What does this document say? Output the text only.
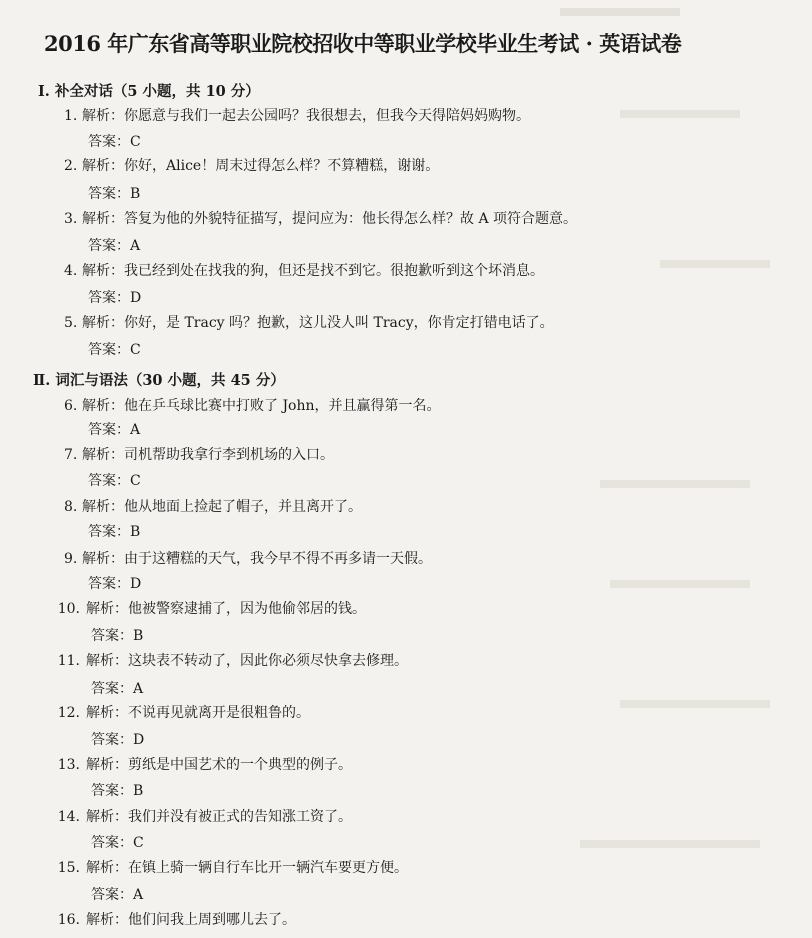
2016 年广东省高等职业院校招收中等职业学校毕业生考试 · 英语试卷
Ⅰ. 补全对话（5 小题，共 10 分）
Ⅱ. 词汇与语法（30 小题，共 45 分）
1. 解析：你愿意与我们一起去公园吗？我很想去，但我今天得陪妈妈购物。
答案：C
2. 解析：你好，Alice！周末过得怎么样？不算糟糕，谢谢。
答案：B
3. 解析：答复为他的外貌特征描写，提问应为：他长得怎么样？故 A 项符合题意。
答案：A
4. 解析：我已经到处在找我的狗，但还是找不到它。很抱歉听到这个坏消息。
答案：D
5. 解析：你好，是 Tracy 吗？抱歉，这儿没人叫 Tracy，你肯定打错电话了。
答案：C
6. 解析：他在乒乓球比赛中打败了 John，并且赢得第一名。
答案：A
7. 解析：司机帮助我拿行李到机场的入口。
答案：C
8. 解析：他从地面上捡起了帽子，并且离开了。
答案：B
9. 解析：由于这糟糕的天气，我今早不得不再多请一天假。
答案：D
10. 解析：他被警察逮捕了，因为他偷邻居的钱。
答案：B
11. 解析：这块表不转动了，因此你必须尽快拿去修理。
答案：A
12. 解析：不说再见就离开是很粗鲁的。
答案：D
13. 解析：剪纸是中国艺术的一个典型的例子。
答案：B
14. 解析：我们并没有被正式的告知涨工资了。
答案：C
15. 解析：在镇上骑一辆自行车比开一辆汽车要更方便。
答案：A
16. 解析：他们问我上周到哪儿去了。
